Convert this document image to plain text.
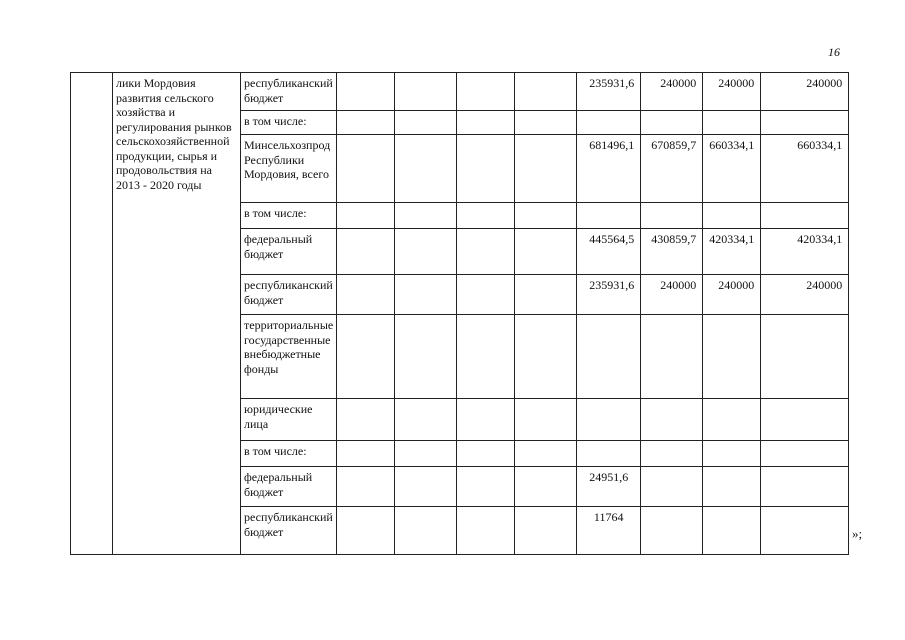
16
	лики Мордовия развития сельского хозяйства и регулирования рынков сельскохозяйственной продукции, сырья и продовольствия на 2013 - 2020 годы	республиканский бюджет					235931,6	240000	240000	240000
		в том числе:								
		Минсельхозпрод Республики Мордовия, всего					681496,1	670859,7	660334,1	660334,1
		в том числе:								
		федеральный бюджет					445564,5	430859,7	420334,1	420334,1
		республиканский бюджет					235931,6	240000	240000	240000
		территориальные государственные внебюджетные фонды								
		юридические лица								
		в том числе:								
		федеральный бюджет					24951,6			
		республиканский бюджет					11764			
»;
